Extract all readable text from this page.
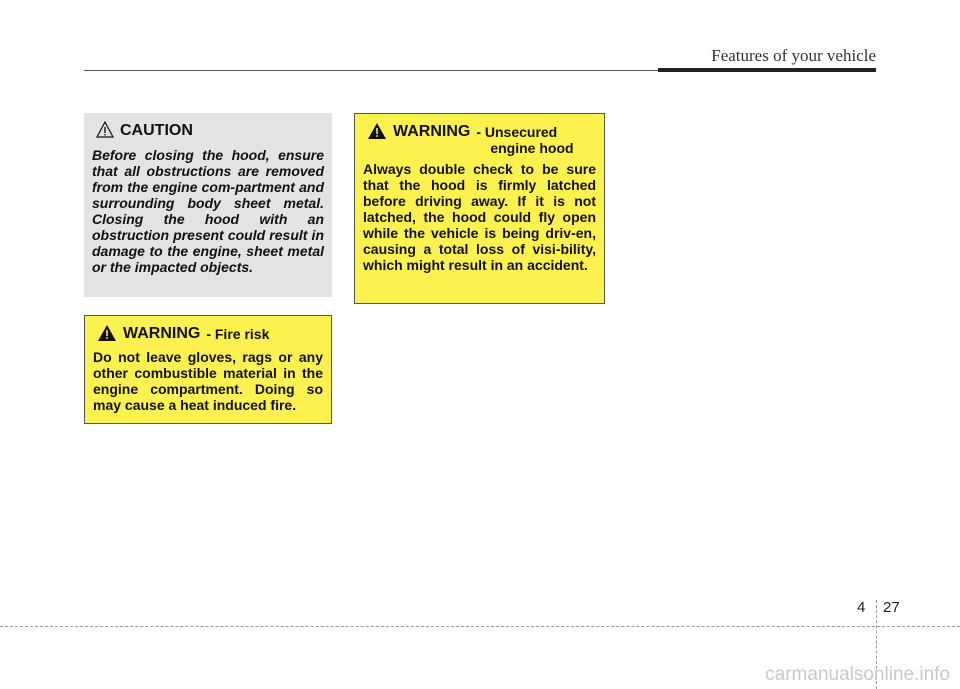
Features of your vehicle
CAUTION
Before closing the hood, ensure that all obstructions are removed from the engine com-partment and surrounding body sheet metal. Closing the hood with an obstruction present could result in damage to the engine, sheet metal or the impacted objects.
WARNING - Fire risk
Do not leave gloves, rags or any other combustible material in the engine compartment. Doing so may cause a heat induced fire.
WARNING - Unsecured
engine hood
Always double check to be sure that the hood is firmly latched before driving away. If it is not latched, the hood could fly open while the vehicle is being driv-en, causing a total loss of visi-bility, which might result in an accident.
4 27
carmanualsonline.info
